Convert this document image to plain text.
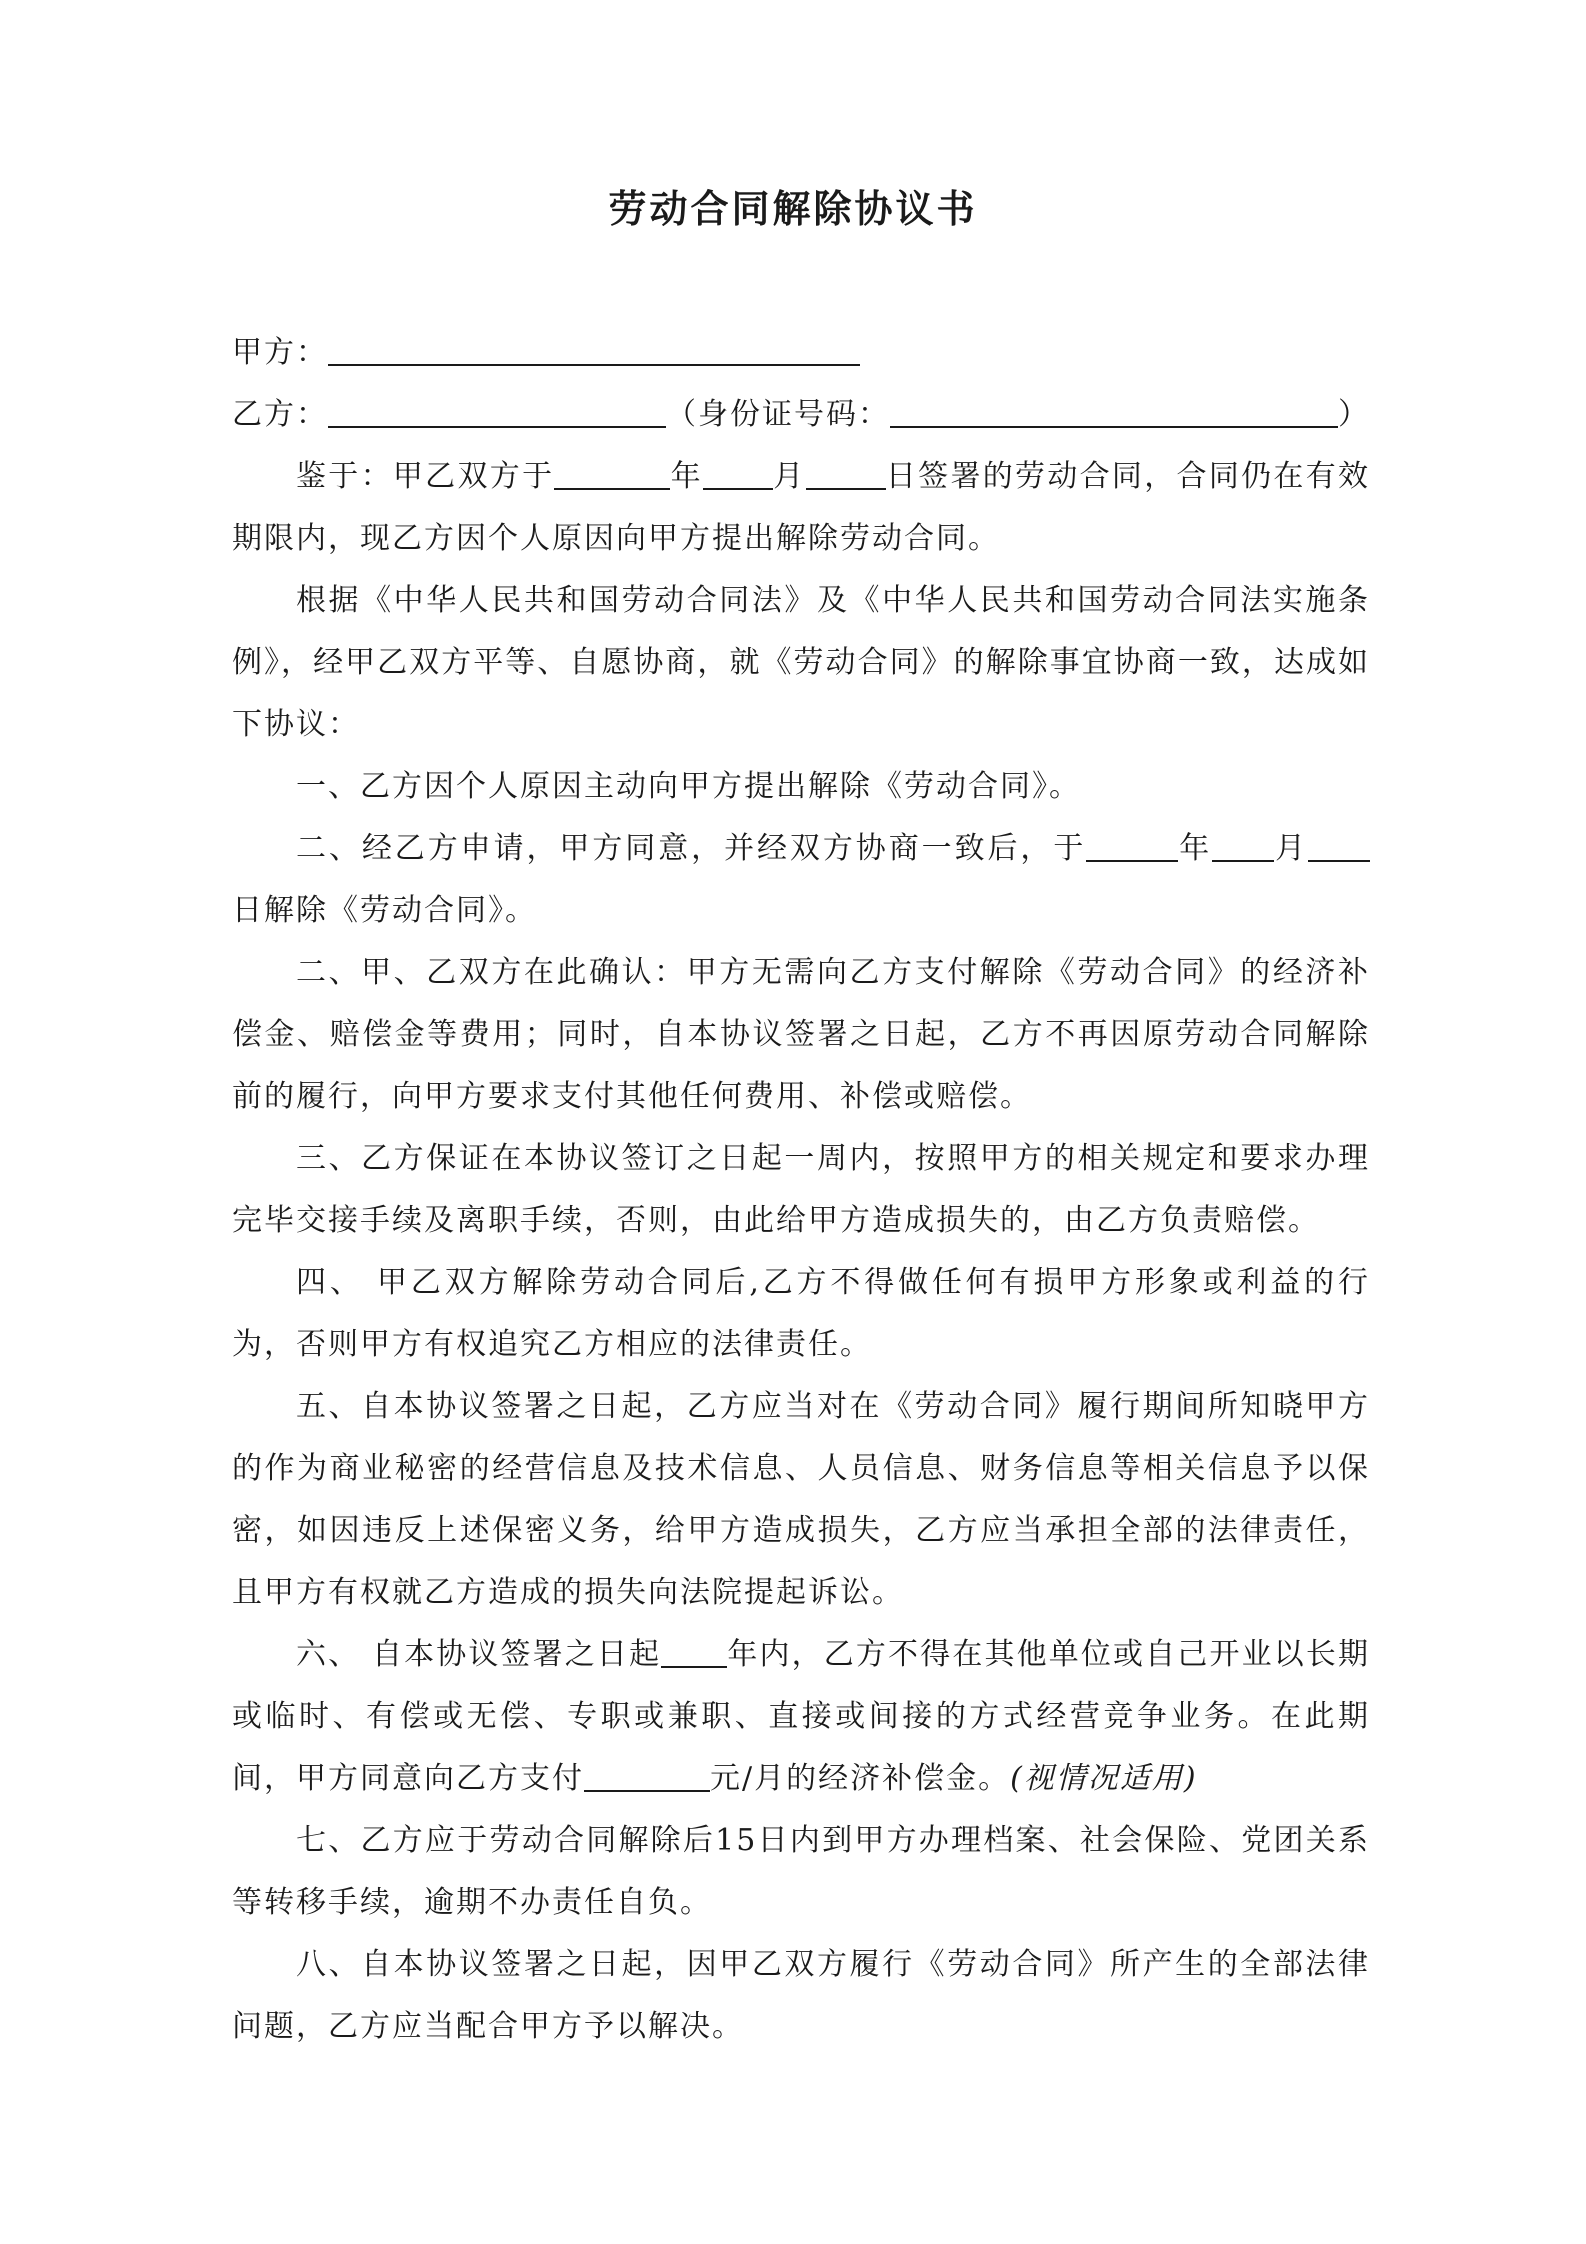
劳动合同解除协议书

甲方：

乙方：	（身份证号码：	）

鉴于：甲乙双方于	年 月	日签署的劳动合同，合同仍在有效期限内，现乙方因个人原因向甲方提出解除劳动合同。

根据《中华人民共和国劳动合同法》及《中华人民共和国劳动合同法实施条例》，经甲乙双方平等、自愿协商，就《劳动合同》的解除事宜协商一致，达成如下协议：

一、乙方因个人原因主动向甲方提出解除《劳动合同》。

二、经乙方申请，甲方同意，并经双方协商一致后，于	年 月日解除《劳动合同》。

二、甲、乙双方在此确认：甲方无需向乙方支付解除《劳动合同》的经济补偿金、赔偿金等费用；同时，自本协议签署之日起，乙方不再因原劳动合同解除前的履行，向甲方要求支付其他任何费用、补偿或赔偿。

三、乙方保证在本协议签订之日起一周内，按照甲方的相关规定和要求办理完毕交接手续及离职手续，否则，由此给甲方造成损失的，由乙方负责赔偿。

四、 甲乙双方解除劳动合同后,乙方不得做任何有损甲方形象或利益的行为，否则甲方有权追究乙方相应的法律责任。

五、自本协议签署之日起，乙方应当对在《劳动合同》履行期间所知晓甲方的作为商业秘密的经营信息及技术信息、人员信息、财务信息等相关信息予以保密，如因违反上述保密义务，给甲方造成损失，乙方应当承担全部的法律责任，且甲方有权就乙方造成的损失向法院提起诉讼。

六、 自本协议签署之日起 年内，乙方不得在其他单位或自己开业以长期或临时、有偿或无偿、专职或兼职、直接或间接的方式经营竞争业务。在此期间，甲方同意向乙方支付	元/月的经济补偿金。(视情况适用)

七、乙方应于劳动合同解除后15日内到甲方办理档案、社会保险、党团关系等转移手续，逾期不办责任自负。

八、自本协议签署之日起，因甲乙双方履行《劳动合同》所产生的全部法律问题，乙方应当配合甲方予以解决。
